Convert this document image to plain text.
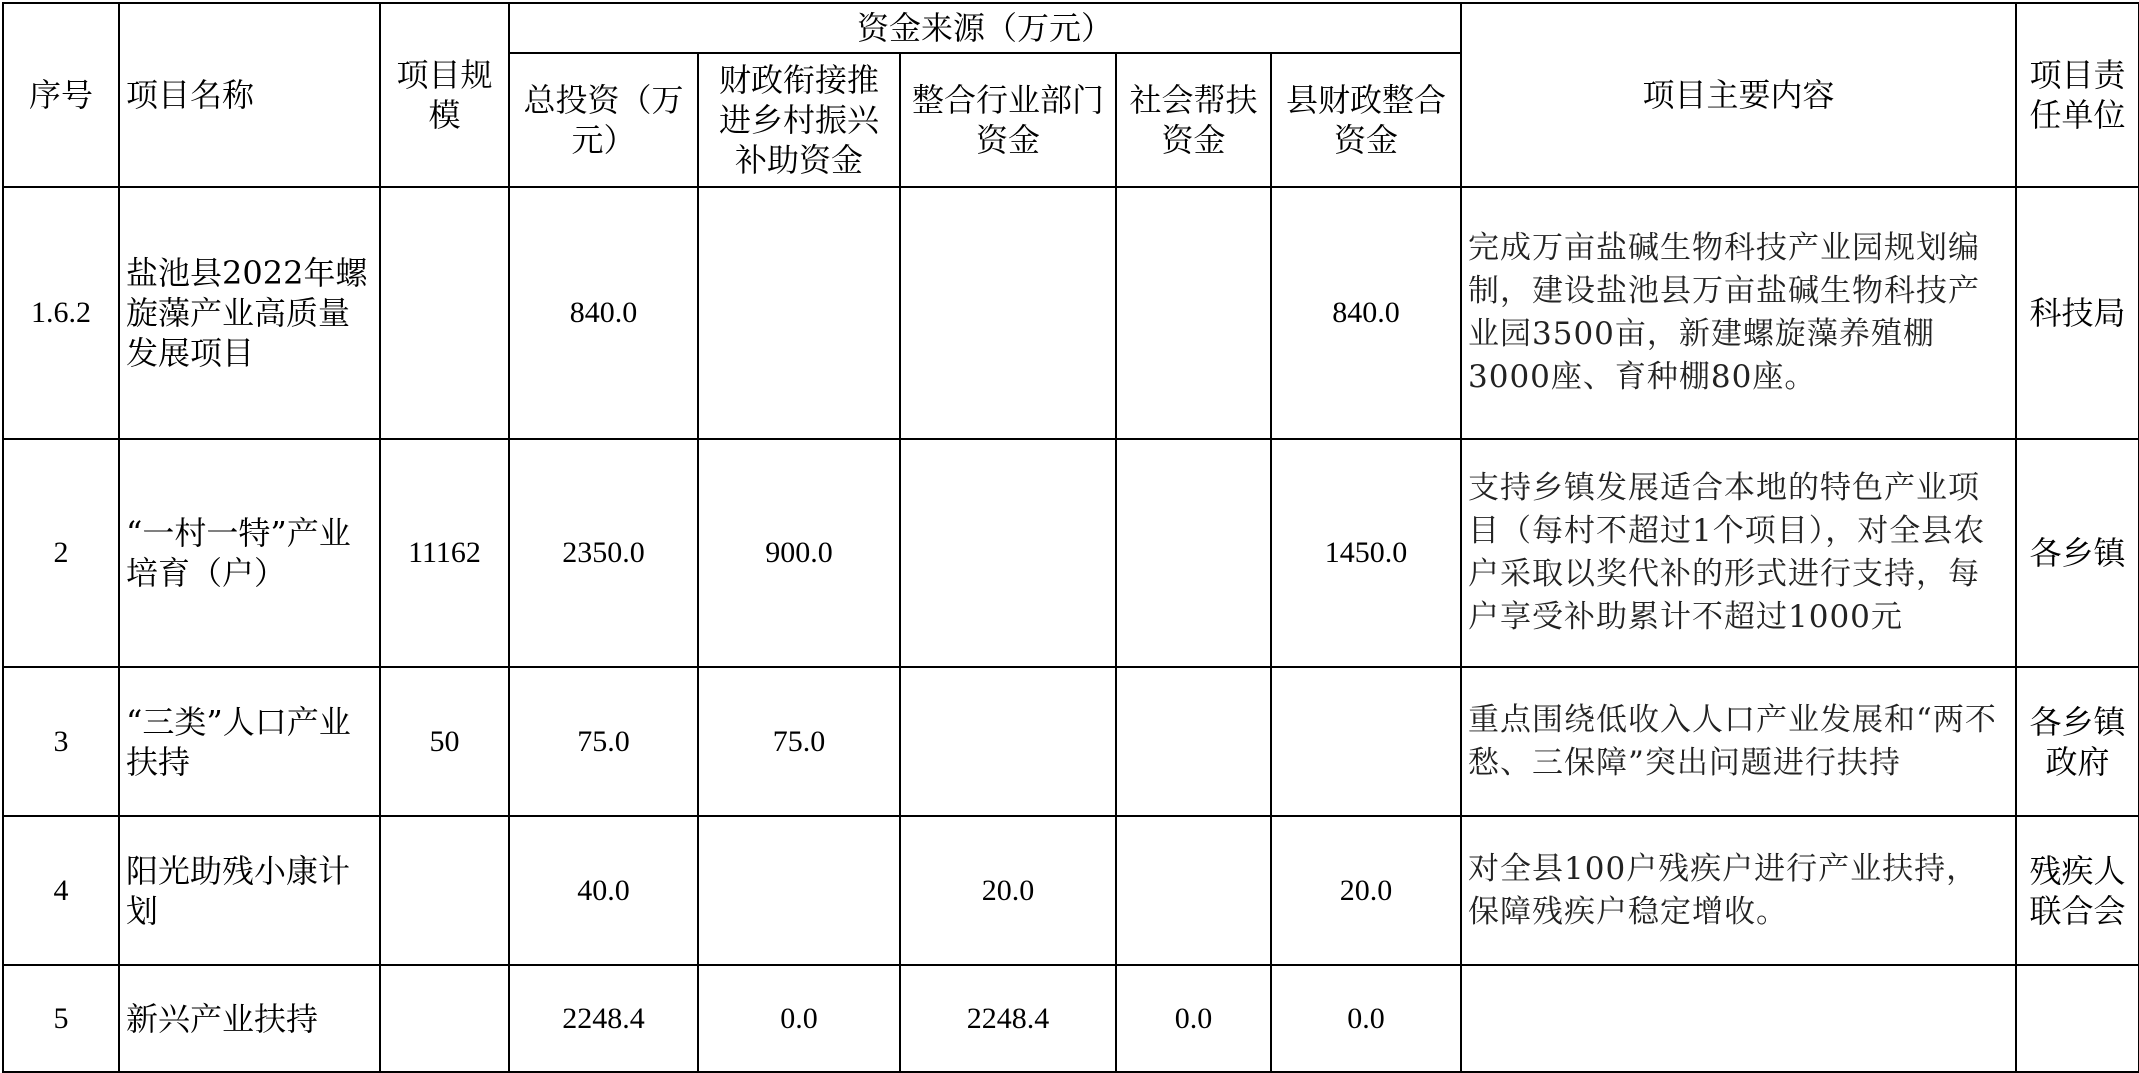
序号	项目名称	项目规模	资金来源（万元）					项目主要内容	项目责任单位
			总投资（万元）	财政衔接推进乡村振兴补助资金	整合行业部门资金	社会帮扶资金	县财政整合资金		
1.6.2	盐池县2022年螺旋藻产业高质量发展项目		840.0				840.0	完成万亩盐碱生物科技产业园规划编制，建设盐池县万亩盐碱生物科技产业园3500亩，新建螺旋藻养殖棚3000座、育种棚80座。	科技局
2	“一村一特”产业培育（户）	11162	2350.0	900.0			1450.0	支持乡镇发展适合本地的特色产业项目（每村不超过1个项目），对全县农户采取以奖代补的形式进行支持，每户享受补助累计不超过1000元	各乡镇
3	“三类”人口产业扶持	50	75.0	75.0				重点围绕低收入人口产业发展和“两不愁、三保障”突出问题进行扶持	各乡镇政府
4	阳光助残小康计划		40.0		20.0		20.0	对全县100户残疾户进行产业扶持，保障残疾户稳定增收。	残疾人联合会
5	新兴产业扶持		2248.4	0.0	2248.4	0.0	0.0		
